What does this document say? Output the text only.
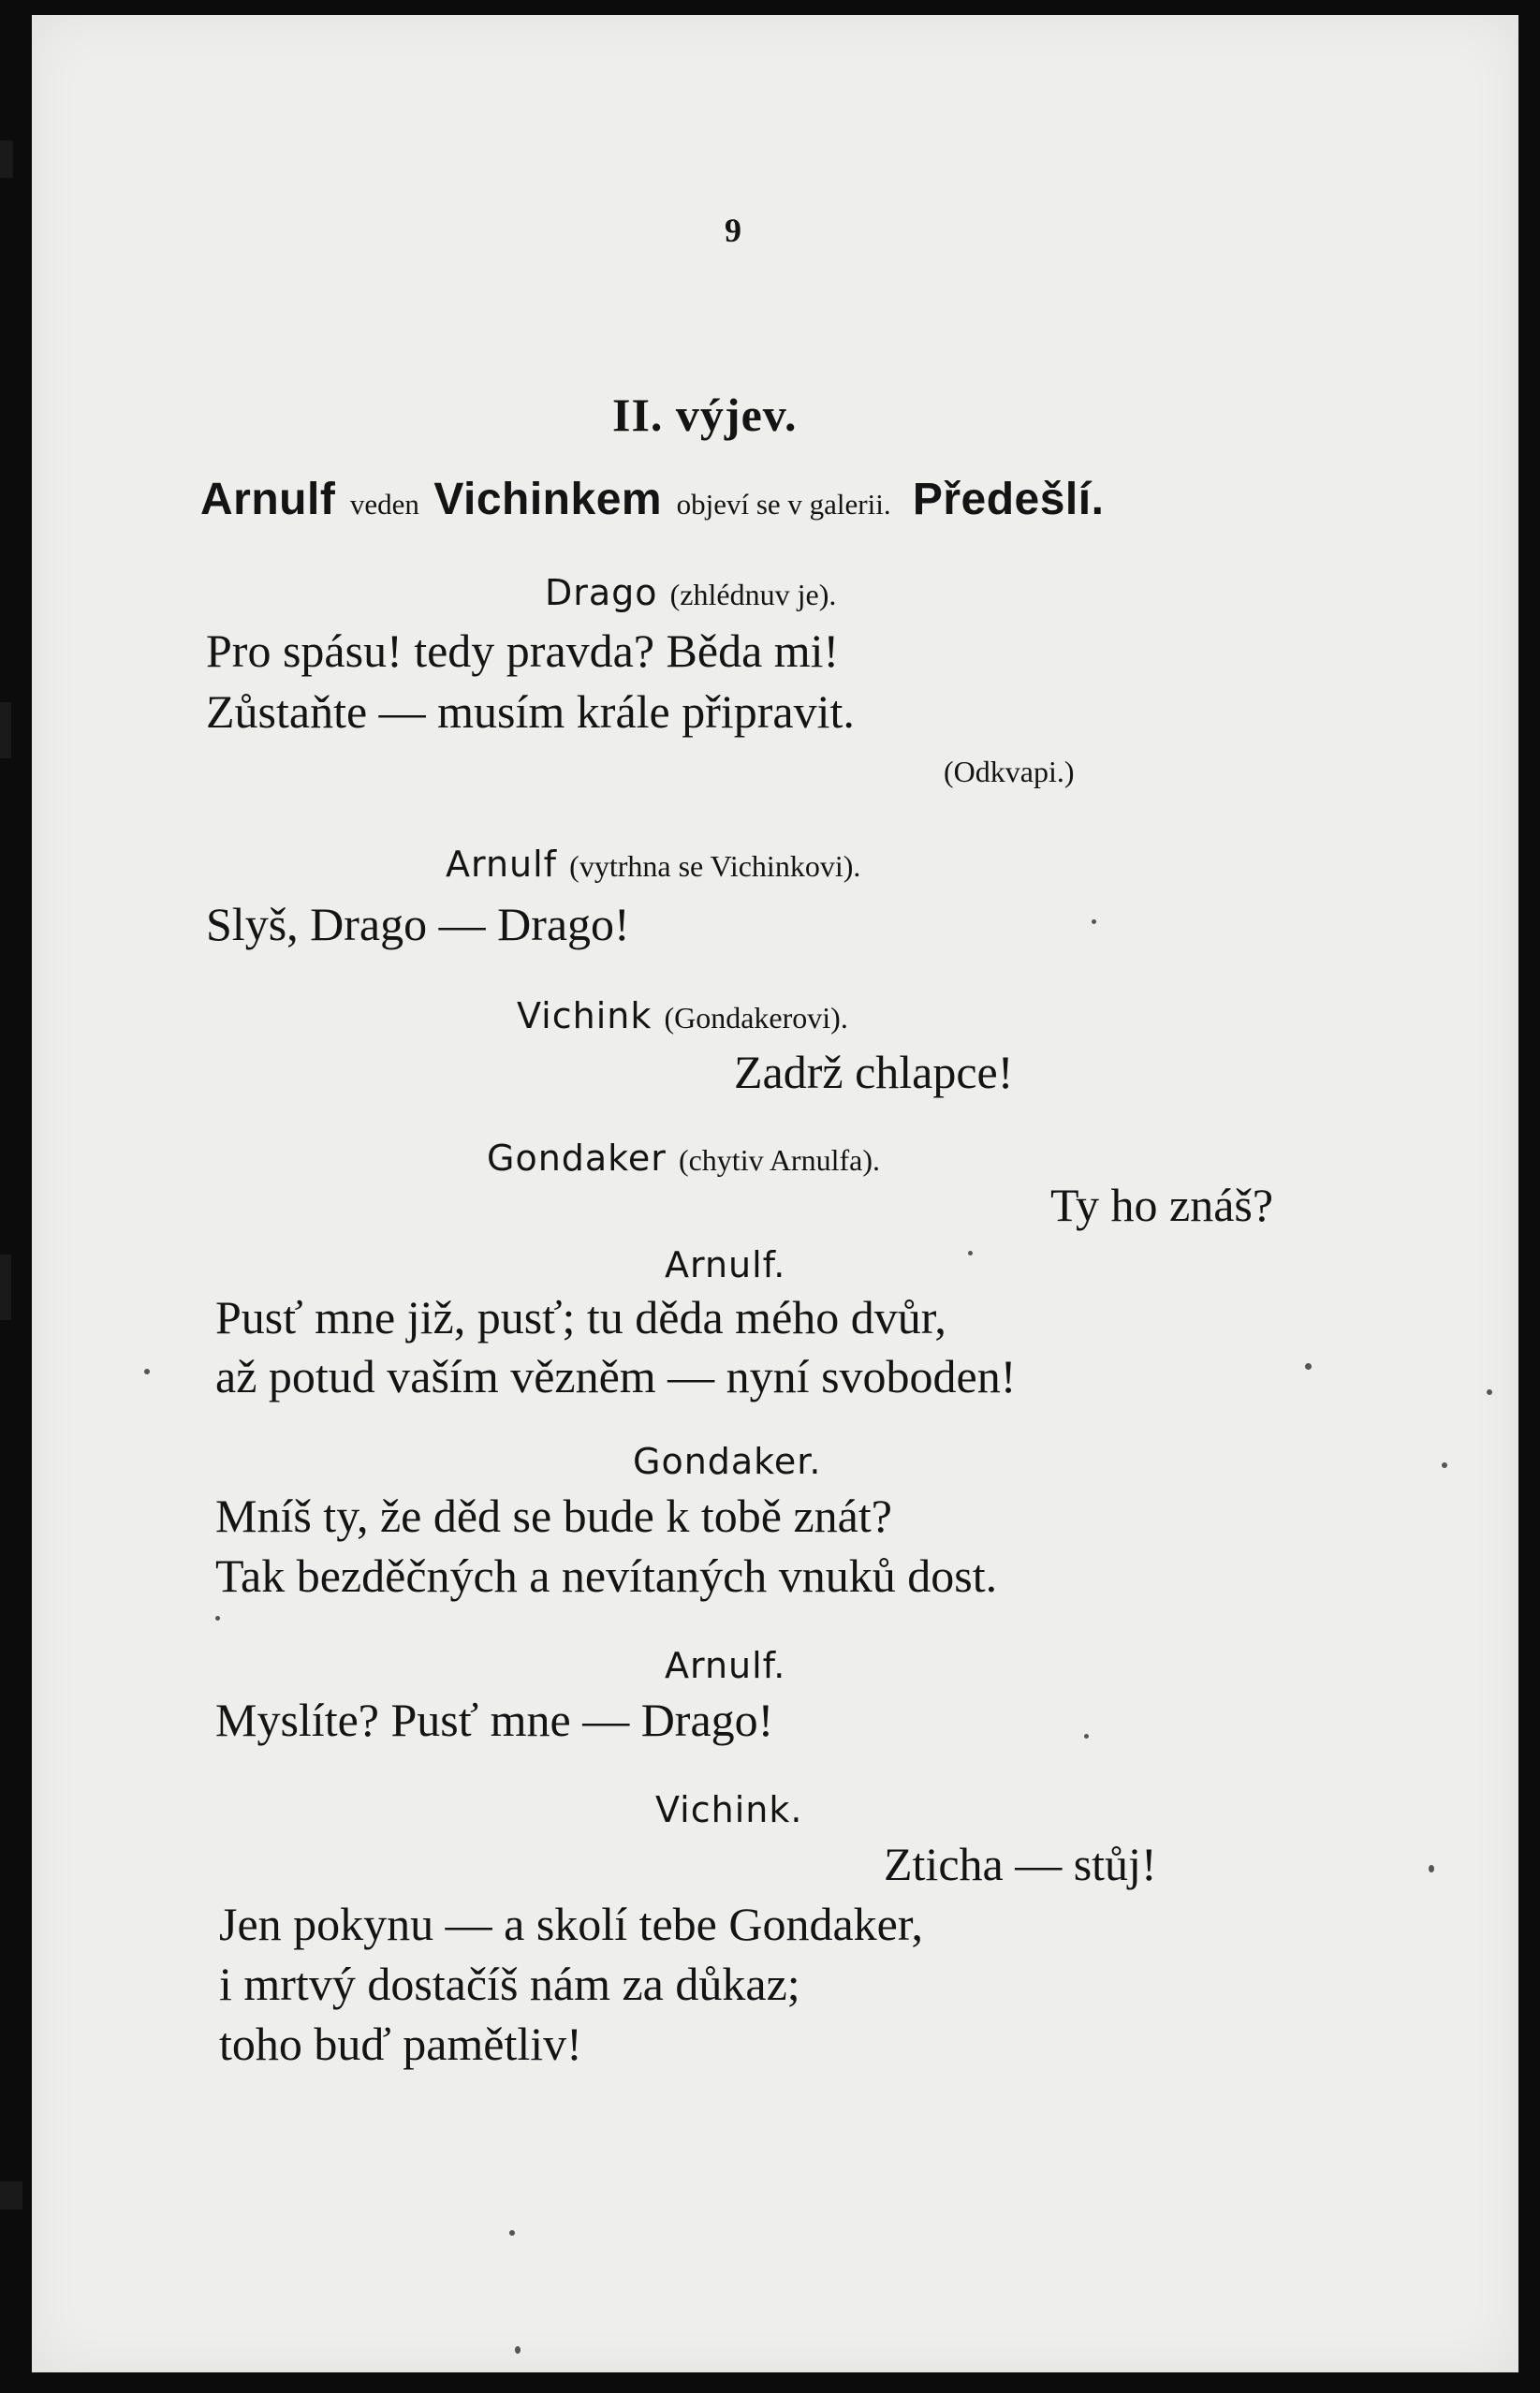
9
II. výjev.
Arnulf veden Vichinkem objeví se v galerii. Předešlí.
Drago (zhlédnuv je).
Pro spásu! tedy pravda? Běda mi!
Zůstaňte — musím krále připravit.
(Odkvapi.)
Arnulf (vytrhna se Vichinkovi).
Slyš, Drago — Drago!
Vichink (Gondakerovi).
Zadrž chlapce!
Gondaker (chytiv Arnulfa).
Ty ho znáš?
Arnulf.
Pusť mne již, pusť; tu děda mého dvůr,
až potud vaším vězněm — nyní svoboden!
Gondaker.
Mníš ty, že děd se bude k tobě znát?
Tak bezděčných a nevítaných vnuků dost.
Arnulf.
Myslíte? Pusť mne — Drago!
Vichink.
Zticha — stůj!
Jen pokynu — a skolí tebe Gondaker,
i mrtvý dostačíš nám za důkaz;
toho buď pamětliv!
